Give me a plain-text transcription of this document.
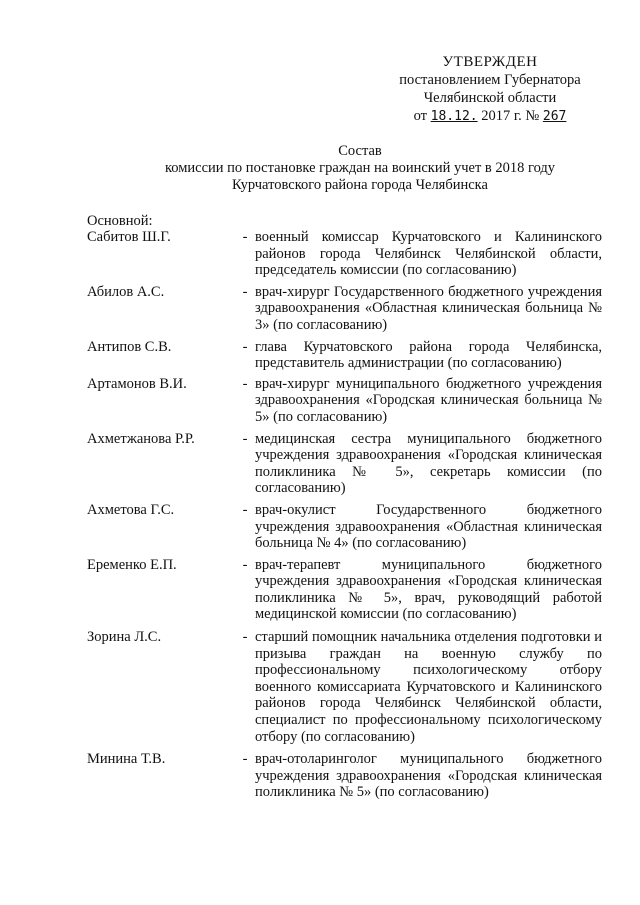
УТВЕРЖДЕН
постановлением Губернатора
Челябинской области
от 18.12. 2017 г. № 267
Состав
комиссии по постановке граждан на воинский учет в 2018 году
Курчатовского района города Челябинска
Основной:
Сабитов Ш.Г.	- военный комиссар Курчатовского и Калининского районов города Челябинск Челябинской области, председатель комиссии (по согласованию)
Абилов А.С.	- врач-хирург Государственного бюджетного учреждения здравоохранения «Областная клиническая больница № 3» (по согласованию)
Антипов С.В.	- глава Курчатовского района города Челябинска, представитель администрации (по согласованию)
Артамонов В.И.	- врач-хирург муниципального бюджетного учреждения здравоохранения «Городская клиническая больница № 5» (по согласованию)
Ахметжанова Р.Р.	- медицинская сестра муниципального бюджетного учреждения здравоохранения «Городская клиническая поликлиника № 5», секретарь комиссии (по согласованию)
Ахметова Г.С.	- врач-окулист Государственного бюджетного учреждения здравоохранения «Областная клиническая больница № 4» (по согласованию)
Еременко Е.П.	- врач-терапевт муниципального бюджетного учреждения здравоохранения «Городская клиническая поликлиника № 5», врач, руководящий работой медицинской комиссии (по согласованию)
Зорина Л.С.	- старший помощник начальника отделения подготовки и призыва граждан на военную службу по профессиональному психологическому отбору военного комиссариата Курчатовского и Калининского районов города Челябинск Челябинской области, специалист по профессиональному психологическому отбору (по согласованию)
Минина Т.В.	- врач-отоларинголог муниципального бюджетного учреждения здравоохранения «Городская клиническая поликлиника № 5» (по согласованию)
